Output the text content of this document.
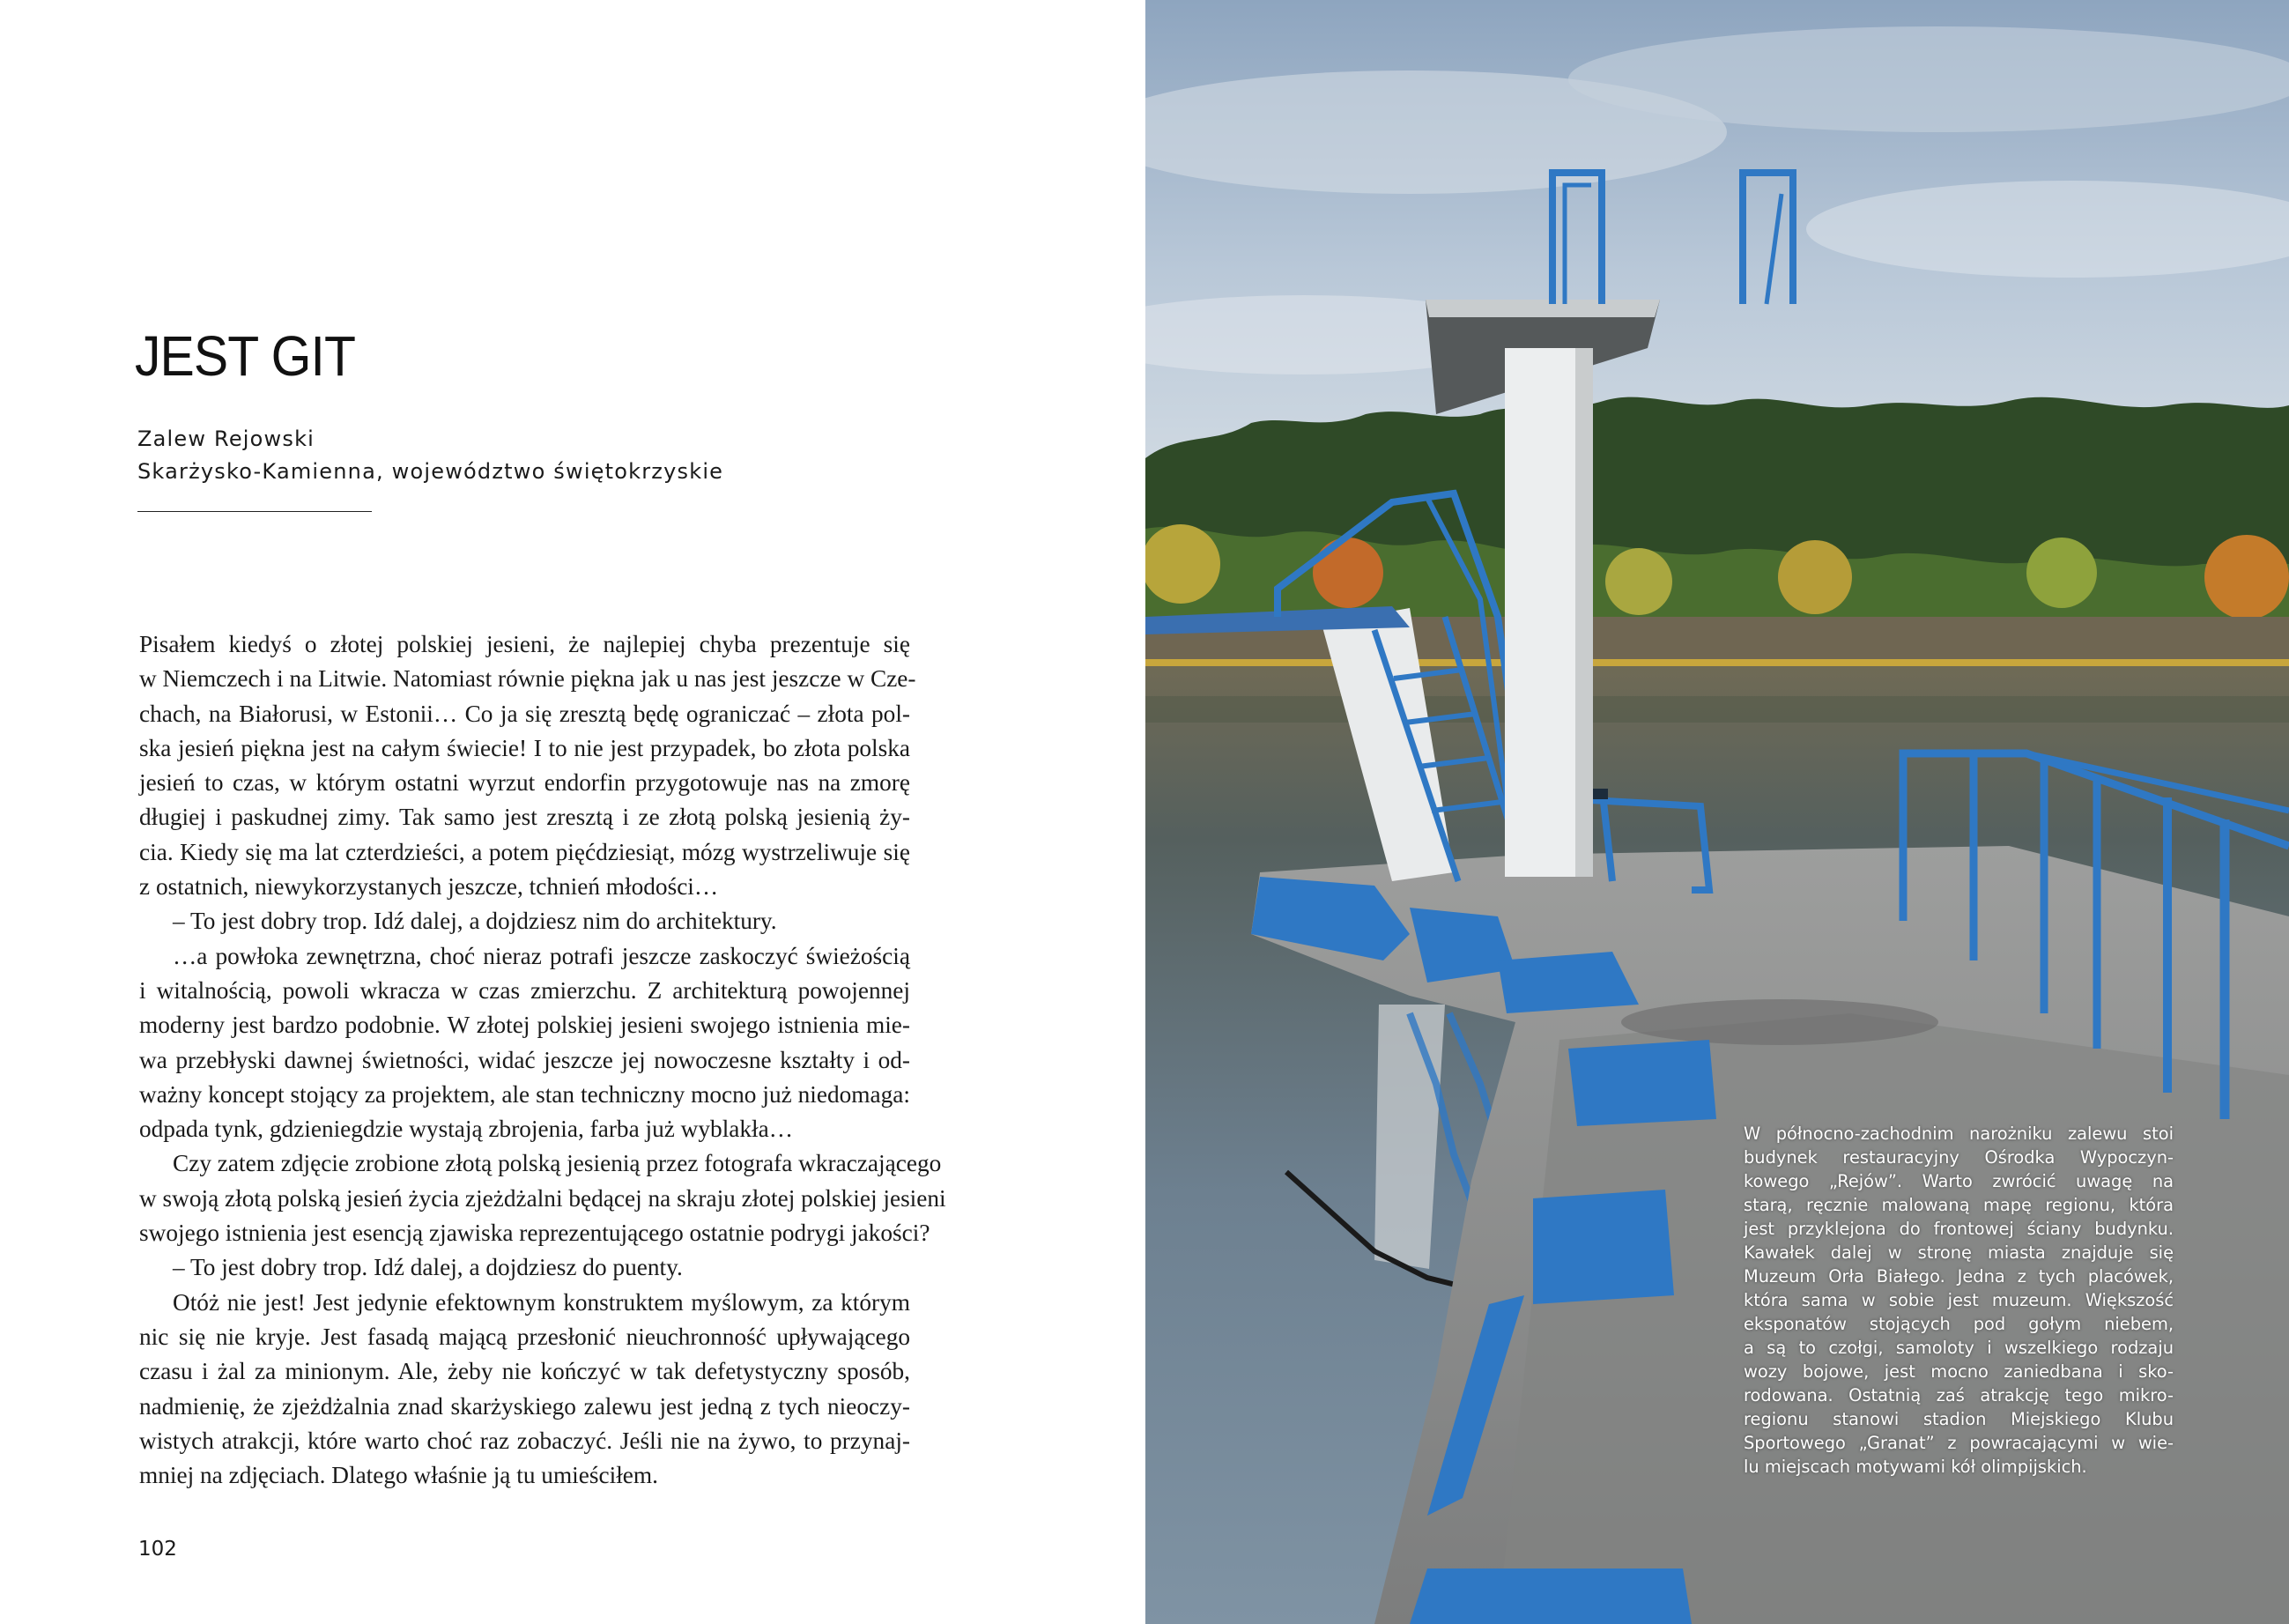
JEST GIT
Zalew Rejowski
Skarżysko-Kamienna, województwo świętokrzyskie
Pisałem kiedyś o złotej polskiej jesieni, że najlepiej chyba prezentuje się
w Niemczech i na Litwie. Natomiast równie piękna jak u nas jest jeszcze w Cze-
chach, na Białorusi, w Estonii… Co ja się zresztą będę ograniczać – złota pol-
ska jesień piękna jest na całym świecie! I to nie jest przypadek, bo złota polska
jesień to czas, w którym ostatni wyrzut endorfin przygotowuje nas na zmorę
długiej i paskudnej zimy. Tak samo jest zresztą i ze złotą polską jesienią ży-
cia. Kiedy się ma lat czterdzieści, a potem pięćdziesiąt, mózg wystrzeliwuje się
z ostatnich, niewykorzystanych jeszcze, tchnień młodości…
– To jest dobry trop. Idź dalej, a dojdziesz nim do architektury.
…a powłoka zewnętrzna, choć nieraz potrafi jeszcze zaskoczyć świeżością
i witalnością, powoli wkracza w czas zmierzchu. Z architekturą powojennej
moderny jest bardzo podobnie. W złotej polskiej jesieni swojego istnienia mie-
wa przebłyski dawnej świetności, widać jeszcze jej nowoczesne kształty i od-
ważny koncept stojący za projektem, ale stan techniczny mocno już niedomaga:
odpada tynk, gdzieniegdzie wystają zbrojenia, farba już wyblakła…
Czy zatem zdjęcie zrobione złotą polską jesienią przez fotografa wkraczającego
w swoją złotą polską jesień życia zjeżdżalni będącej na skraju złotej polskiej jesieni
swojego istnienia jest esencją zjawiska reprezentującego ostatnie podrygi jakości?
– To jest dobry trop. Idź dalej, a dojdziesz do puenty.
Otóż nie jest! Jest jedynie efektownym konstruktem myślowym, za którym
nic się nie kryje. Jest fasadą mającą przesłonić nieuchronność upływającego
czasu i żal za minionym. Ale, żeby nie kończyć w tak defetystyczny sposób,
nadmienię, że zjeżdżalnia znad skarżyskiego zalewu jest jedną z tych nieoczy-
wistych atrakcji, które warto choć raz zobaczyć. Jeśli nie na żywo, to przynaj-
mniej na zdjęciach. Dlatego właśnie ją tu umieściłem.
102
W północno-zachodnim narożniku zalewu stoi
budynek restauracyjny Ośrodka Wypoczyn-
kowego „Rejów”. Warto zwrócić uwagę na
starą, ręcznie malowaną mapę regionu, która
jest przyklejona do frontowej ściany budynku.
Kawałek dalej w stronę miasta znajduje się
Muzeum Orła Białego. Jedna z tych placówek,
która sama w sobie jest muzeum. Większość
eksponatów stojących pod gołym niebem,
a są to czołgi, samoloty i wszelkiego rodzaju
wozy bojowe, jest mocno zaniedbana i sko-
rodowana. Ostatnią zaś atrakcję tego mikro-
regionu stanowi stadion Miejskiego Klubu
Sportowego „Granat” z powracającymi w wie-
lu miejscach motywami kół olimpijskich.
